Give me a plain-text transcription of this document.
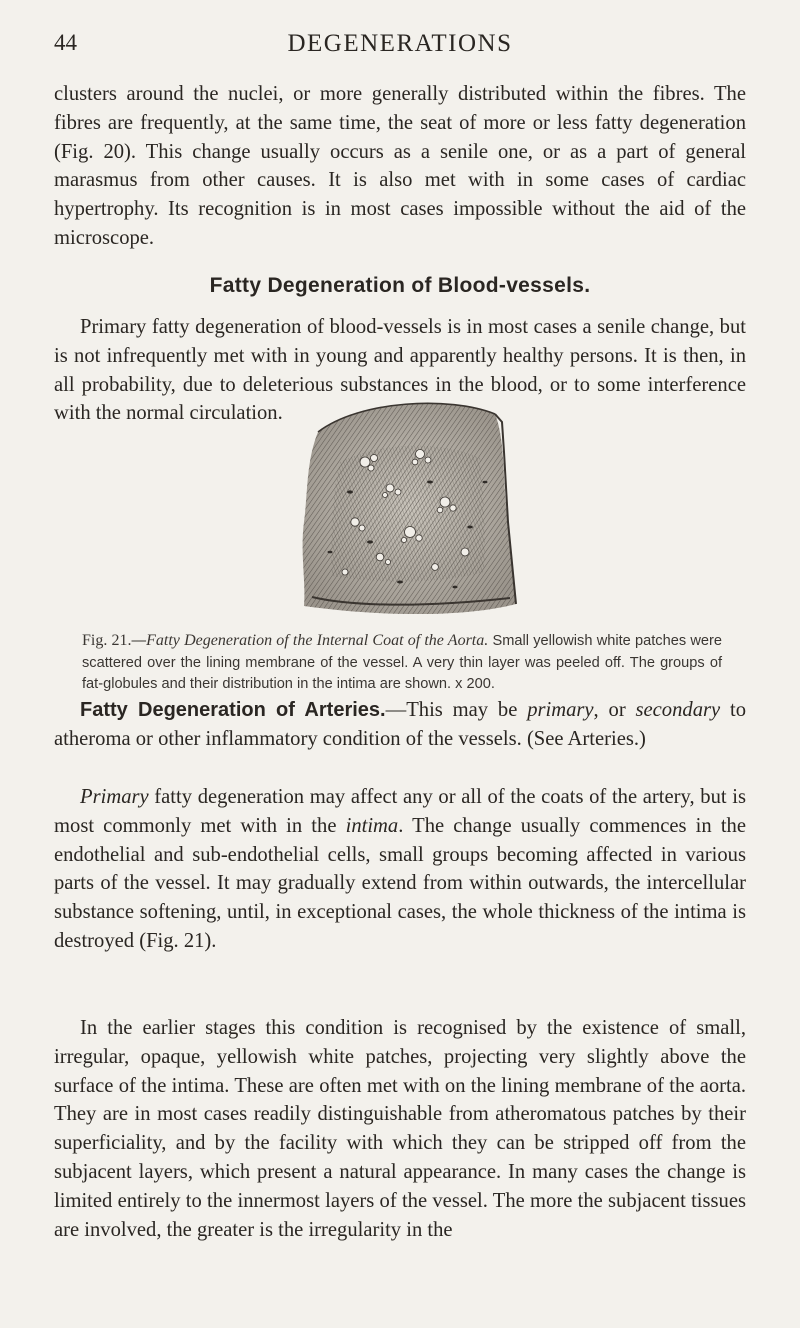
44	DEGENERATIONS

clusters around the nuclei, or more generally distributed within the fibres. The fibres are frequently, at the same time, the seat of more or less fatty degeneration (Fig. 20). This change usually occurs as a senile one, or as a part of general marasmus from other causes. It is also met with in some cases of cardiac hypertrophy. Its recognition is in most cases impossible without the aid of the microscope.

Fatty Degeneration of Blood-vessels.

Primary fatty degeneration of blood-vessels is in most cases a senile change, but is not infrequently met with in young and apparently healthy persons. It is then, in all probability, due to deleterious substances in the blood, or to some interference with the normal circulation.

Fig. 21.—Fatty Degeneration of the Internal Coat of the Aorta. Small yellowish white patches were scattered over the lining membrane of the vessel. A very thin layer was peeled off. The groups of fat-globules and their distribution in the intima are shown. x 200.

Fatty Degeneration of Arteries.—This may be primary, or secondary to atheroma or other inflammatory condition of the vessels. (See Arteries.)

Primary fatty degeneration may affect any or all of the coats of the artery, but is most commonly met with in the intima. The change usually commences in the endothelial and sub-endothelial cells, small groups becoming affected in various parts of the vessel. It may gradually extend from within outwards, the intercellular substance softening, until, in exceptional cases, the whole thickness of the intima is destroyed (Fig. 21).

In the earlier stages this condition is recognised by the existence of small, irregular, opaque, yellowish white patches, projecting very slightly above the surface of the intima. These are often met with on the lining membrane of the aorta. They are in most cases readily distinguishable from atheromatous patches by their superficiality, and by the facility with which they can be stripped off from the subjacent layers, which present a natural appearance. In many cases the change is limited entirely to the innermost layers of the vessel. The more the subjacent tissues are involved, the greater is the irregularity in the
